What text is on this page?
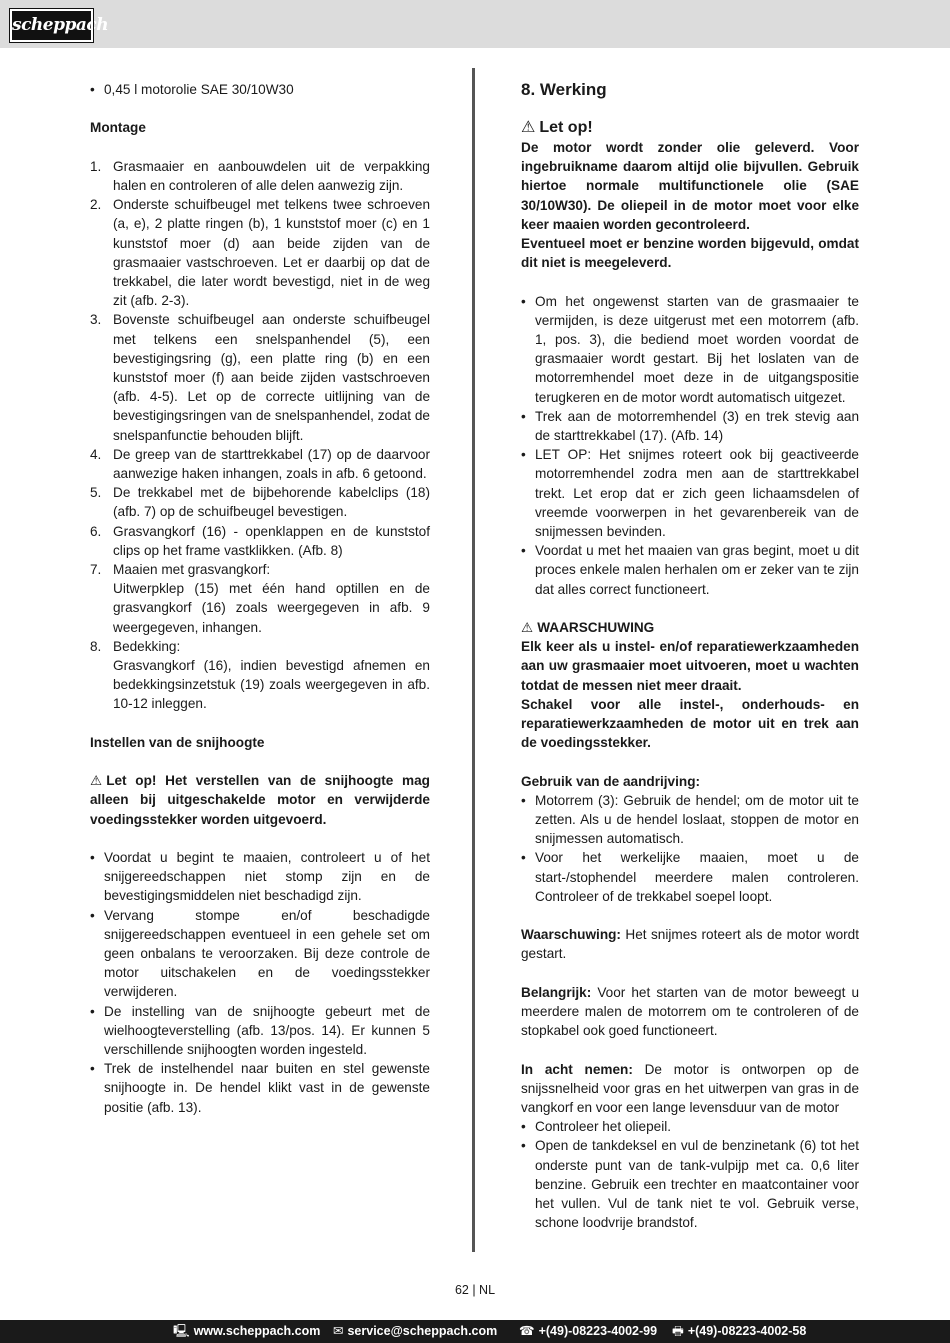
scheppach
• 0,45 l motorolie SAE 30/10W30

Montage

1. Grasmaaier en aanbouwdelen uit de verpakking halen en controleren of alle delen aanwezig zijn.
2. Onderste schuifbeugel met telkens twee schroeven (a, e), 2 platte ringen (b), 1 kunststof moer (c) en 1 kunststof moer (d) aan beide zijden van de grasmaaier vastschroeven. Let er daarbij op dat de trekkabel, die later wordt bevestigd, niet in de weg zit (afb. 2-3).
3. Bovenste schuifbeugel aan onderste schuifbeugel met telkens een snelspanhendel (5), een bevestigingsring (g), een platte ring (b) en een kunststof moer (f) aan beide zijden vastschroeven (afb. 4-5). Let op de correcte uitlijning van de bevestigingsringen van de snelspanhendel, zodat de snelspanfunctie behouden blijft.
4. De greep van de starttrekkabel (17) op de daarvoor aanwezige haken inhangen, zoals in afb. 6 getoond.
5. De trekkabel met de bijbehorende kabelclips (18) (afb. 7) op de schuifbeugel bevestigen.
6. Grasvangkorf (16) - openklappen en de kunststof clips op het frame vastklikken. (Afb. 8)
7. Maaien met grasvangkorf:
Uitwerpklep (15) met één hand optillen en de grasvangkorf (16) zoals weergegeven in afb. 9 weergegeven, inhangen.
8. Bedekking:
Grasvangkorf (16), indien bevestigd afnemen en bedekkingsinzetstuk (19) zoals weergegeven in afb. 10-12 inleggen.

Instellen van de snijhoogte

⚠ Let op! Het verstellen van de snijhoogte mag alleen bij uitgeschakelde motor en verwijderde voedingsstekker worden uitgevoerd.

• Voordat u begint te maaien, controleert u of het snijgereedschappen niet stomp zijn en de bevestigingsmiddelen niet beschadigd zijn.
• Vervang stompe en/of beschadigde snijgereedschappen eventueel in een gehele set om geen onbalans te veroorzaken. Bij deze controle de motor uitschakelen en de voedingsstekker verwijderen.
• De instelling van de snijhoogte gebeurt met de wielhoogteverstelling (afb. 13/pos. 14). Er kunnen 5 verschillende snijhoogten worden ingesteld.
• Trek de instelhendel naar buiten en stel gewenste snijhoogte in. De hendel klikt vast in de gewenste positie (afb. 13).

8. Werking

⚠ Let op!

De motor wordt zonder olie geleverd. Voor ingebruikname daarom altijd olie bijvullen. Gebruik hiertoe normale multifunctionele olie (SAE 30/10W30). De oliepeil in de motor moet voor elke keer maaien worden gecontroleerd.

Eventueel moet er benzine worden bijgevuld, omdat dit niet is meegeleverd.

• Om het ongewenst starten van de grasmaaier te vermijden, is deze uitgerust met een motorrem (afb. 1, pos. 3), die bediend moet worden voordat de grasmaaier wordt gestart. Bij het loslaten van de motorremhendel moet deze in de uitgangspositie terugkeren en de motor wordt automatisch uitgezet.
• Trek aan de motorremhendel (3) en trek stevig aan de starttrekkabel (17). (Afb. 14)
• LET OP: Het snijmes roteert ook bij geactiveerde motorremhendel zodra men aan de starttrekkabel trekt. Let erop dat er zich geen lichaamsdelen of vreemde voorwerpen in het gevarenbereik van de snijmessen bevinden.
• Voordat u met het maaien van gras begint, moet u dit proces enkele malen herhalen om er zeker van te zijn dat alles correct functioneert.

⚠ WAARSCHUWING

Elk keer als u instel- en/of reparatiewerkzaamheden aan uw grasmaaier moet uitvoeren, moet u wachten totdat de messen niet meer draait.

Schakel voor alle instel-, onderhouds- en reparatiewerkzaamheden de motor uit en trek aan de voedingsstekker.

Gebruik van de aandrijving:

• Motorrem (3): Gebruik de hendel; om de motor uit te zetten. Als u de hendel loslaat, stoppen de motor en snijmessen automatisch.
• Voor het werkelijke maaien, moet u de start-/stophendel meerdere malen controleren. Controleer of de trekkabel soepel loopt.

Waarschuwing: Het snijmes roteert als de motor wordt gestart.

Belangrijk: Voor het starten van de motor beweegt u meerdere malen de motorrem om te controleren of de stopkabel ook goed functioneert.

In acht nemen: De motor is ontworpen op de snijssnelheid voor gras en het uitwerpen van gras in de vangkorf en voor een lange levensduur van de motor

• Controleer het oliepeil.
• Open de tankdeksel en vul de benzinetank (6) tot het onderste punt van de tank-vulpijp met ca. 0,6 liter benzine. Gebruik een trechter en maatcontainer voor het vullen. Vul de tank niet te vol. Gebruik verse, schone loodvrije brandstof.
62 | NL
🖳 www.scheppach.com ✉ service@scheppach.com ☎ +(49)-08223-4002-99 🖶 +(49)-08223-4002-58
